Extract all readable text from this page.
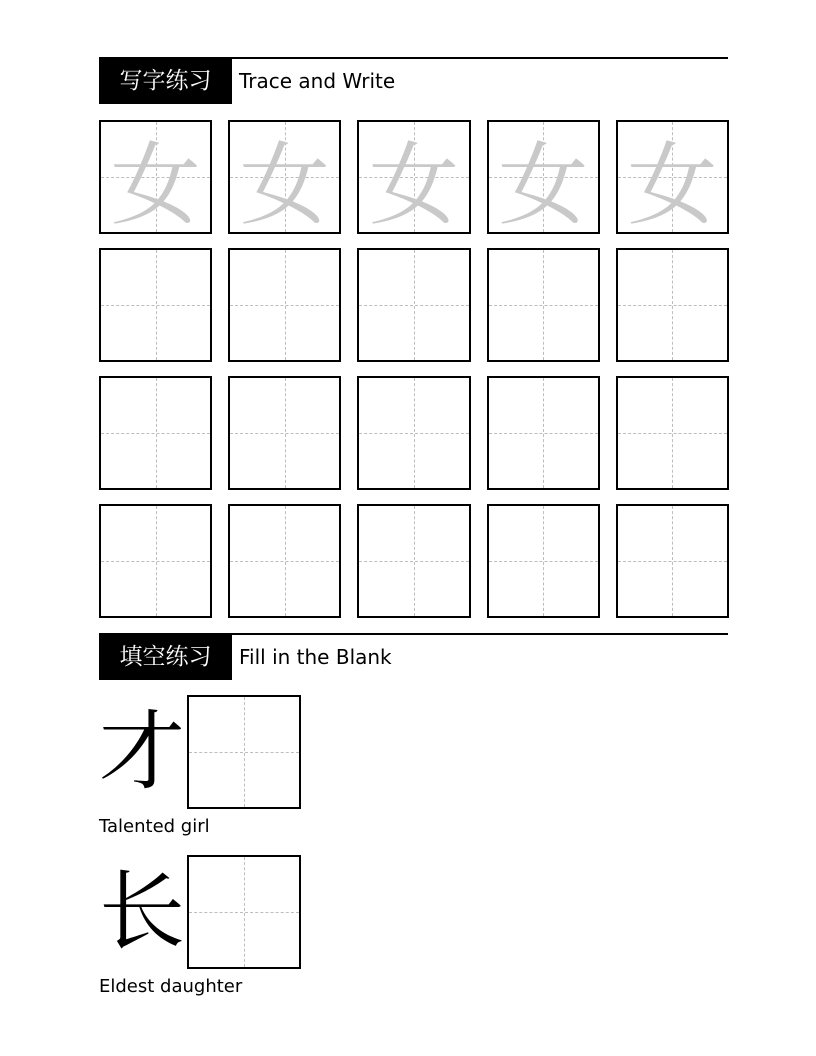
写字练习	Trace and Write
女 女 女 女 女
填空练习	Fill in the Blank
才
Talented girl
长
Eldest daughter
